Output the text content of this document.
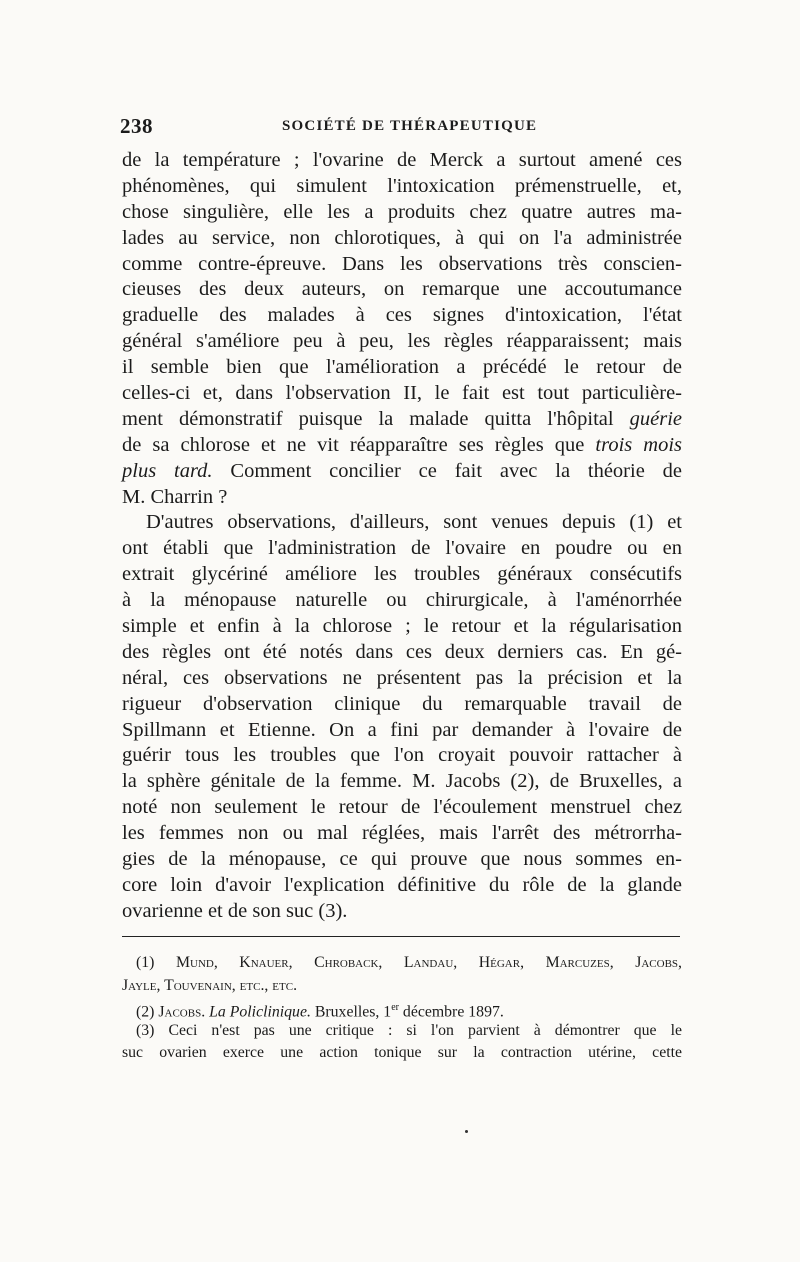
238	SOCIÉTÉ DE THÉRAPEUTIQUE
de la température ; l'ovarine de Merck a surtout amené ces
phénomènes, qui simulent l'intoxication prémenstruelle, et,
chose singulière, elle les a produits chez quatre autres ma-
lades au service, non chlorotiques, à qui on l'a administrée
comme contre-épreuve. Dans les observations très conscien-
cieuses des deux auteurs, on remarque une accoutumance
graduelle des malades à ces signes d'intoxication, l'état
général s'améliore peu à peu, les règles réapparaissent; mais
il semble bien que l'amélioration a précédé le retour de
celles-ci et, dans l'observation II, le fait est tout particulière-
ment démonstratif puisque la malade quitta l'hôpital guérie
de sa chlorose et ne vit réapparaître ses règles que trois mois
plus tard. Comment concilier ce fait avec la théorie de
M. Charrin ?
D'autres observations, d'ailleurs, sont venues depuis (1) et
ont établi que l'administration de l'ovaire en poudre ou en
extrait glycériné améliore les troubles généraux consécutifs
à la ménopause naturelle ou chirurgicale, à l'aménorrhée
simple et enfin à la chlorose ; le retour et la régularisation
des règles ont été notés dans ces deux derniers cas. En gé-
néral, ces observations ne présentent pas la précision et la
rigueur d'observation clinique du remarquable travail de
Spillmann et Etienne. On a fini par demander à l'ovaire de
guérir tous les troubles que l'on croyait pouvoir rattacher à
la sphère génitale de la femme. M. Jacobs (2), de Bruxelles, a
noté non seulement le retour de l'écoulement menstruel chez
les femmes non ou mal réglées, mais l'arrêt des métrorrha-
gies de la ménopause, ce qui prouve que nous sommes en-
core loin d'avoir l'explication définitive du rôle de la glande
ovarienne et de son suc (3).
(1) Mund, Knauer, Chroback, Landau, Hégar, Marcuzes, Jacobs,
Jayle, Touvenain, etc., etc.
(2) Jacobs. La Policlinique. Bruxelles, 1er décembre 1897.
(3) Ceci n'est pas une critique : si l'on parvient à démontrer que le
suc ovarien exerce une action tonique sur la contraction utérine, cette
